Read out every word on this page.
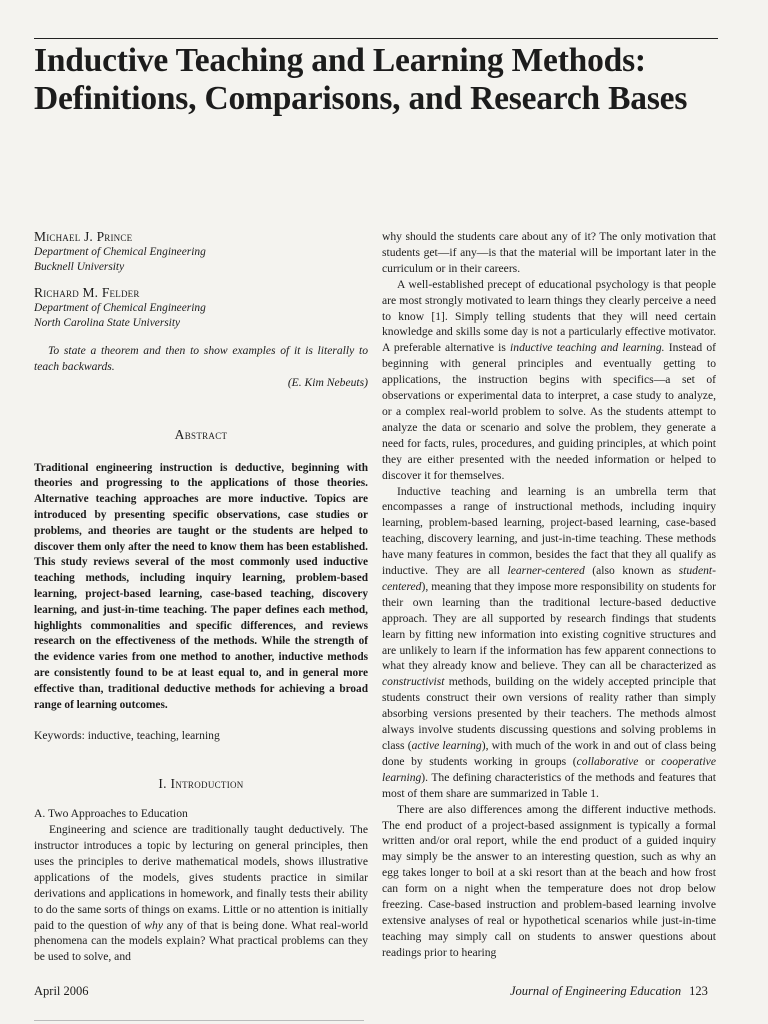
Inductive Teaching and Learning Methods:
Definitions, Comparisons, and Research Bases
Michael J. Prince
Department of Chemical Engineering
Bucknell University
Richard M. Felder
Department of Chemical Engineering
North Carolina State University

To state a theorem and then to show examples of it is literally to teach backwards.

(E. Kim Nebeuts)

Abstract

Traditional engineering instruction is deductive, beginning with theories and progressing to the applications of those theories. Alternative teaching approaches are more inductive. Topics are introduced by presenting specific observations, case studies or problems, and theories are taught or the students are helped to discover them only after the need to know them has been established. This study reviews several of the most commonly used inductive teaching methods, including inquiry learning, problem-based learning, project-based learning, case-based teaching, discovery learning, and just-in-time teaching. The paper defines each method, highlights commonalities and specific differences, and reviews research on the effectiveness of the methods. While the strength of the evidence varies from one method to another, inductive methods are consistently found to be at least equal to, and in general more effective than, traditional deductive methods for achieving a broad range of learning outcomes.

Keywords: inductive, teaching, learning

I. Introduction

A. Two Approaches to Education

Engineering and science are traditionally taught deductively. The instructor introduces a topic by lecturing on general principles, then uses the principles to derive mathematical models, shows illustrative applications of the models, gives students practice in similar derivations and applications in homework, and finally tests their ability to do the same sorts of things on exams. Little or no attention is initially paid to the question of why any of that is being done. What real-world phenomena can the models explain? What practical problems can they be used to solve, and

why should the students care about any of it? The only motivation that students get—if any—is that the material will be important later in the curriculum or in their careers.

A well-established precept of educational psychology is that people are most strongly motivated to learn things they clearly perceive a need to know [1]. Simply telling students that they will need certain knowledge and skills some day is not a particularly effective motivator. A preferable alternative is inductive teaching and learning. Instead of beginning with general principles and eventually getting to applications, the instruction begins with specifics—a set of observations or experimental data to interpret, a case study to analyze, or a complex real-world problem to solve. As the students attempt to analyze the data or scenario and solve the problem, they generate a need for facts, rules, procedures, and guiding principles, at which point they are either presented with the needed information or helped to discover it for themselves.

Inductive teaching and learning is an umbrella term that encompasses a range of instructional methods, including inquiry learning, problem-based learning, project-based learning, case-based teaching, discovery learning, and just-in-time teaching. These methods have many features in common, besides the fact that they all qualify as inductive. They are all learner-centered (also known as student-centered), meaning that they impose more responsibility on students for their own learning than the traditional lecture-based deductive approach. They are all supported by research findings that students learn by fitting new information into existing cognitive structures and are unlikely to learn if the information has few apparent connections to what they already know and believe. They can all be characterized as constructivist methods, building on the widely accepted principle that students construct their own versions of reality rather than simply absorbing versions presented by their teachers. The methods almost always involve students discussing questions and solving problems in class (active learning), with much of the work in and out of class being done by students working in groups (collaborative or cooperative learning). The defining characteristics of the methods and features that most of them share are summarized in Table 1.

There are also differences among the different inductive methods. The end product of a project-based assignment is typically a formal written and/or oral report, while the end product of a guided inquiry may simply be the answer to an interesting question, such as why an egg takes longer to boil at a ski resort than at the beach and how frost can form on a night when the temperature does not drop below freezing. Case-based instruction and problem-based learning involve extensive analyses of real or hypothetical scenarios while just-in-time teaching may simply call on students to answer questions about readings prior to hearing

April 2006	Journal of Engineering Education 123
